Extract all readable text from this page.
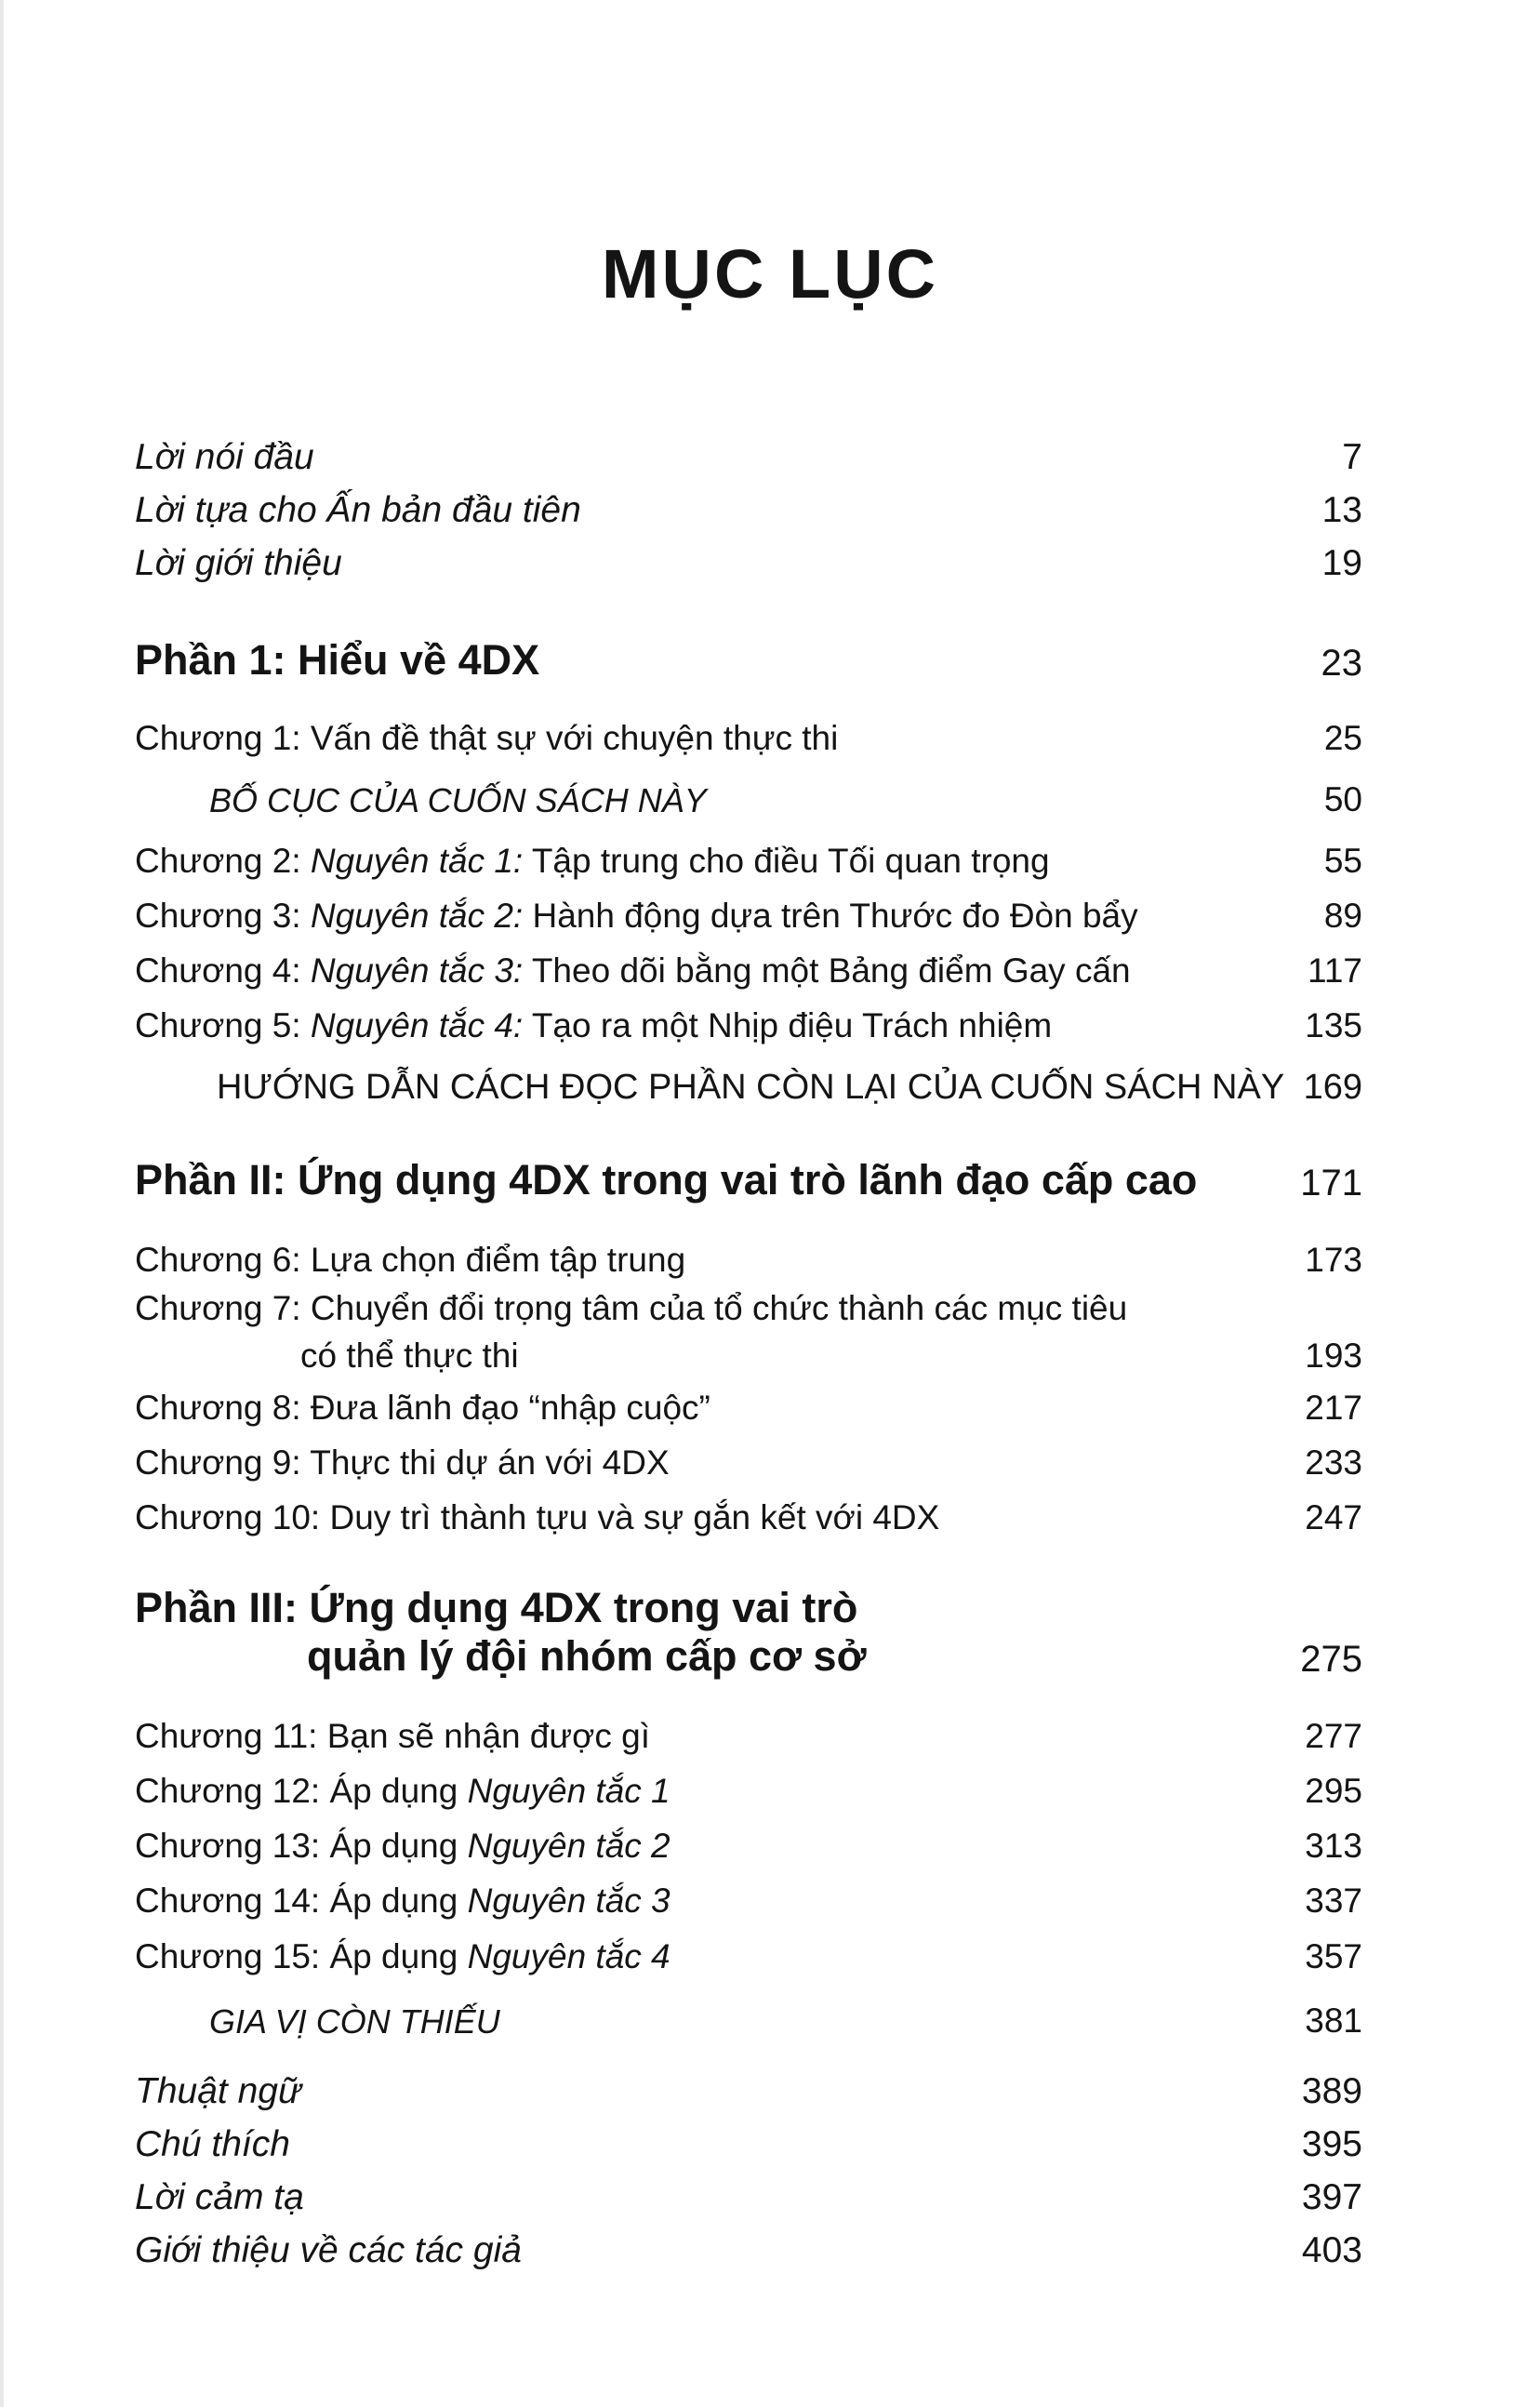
MỤC LỤC
Lời nói đầu	7
Lời tựa cho Ấn bản đầu tiên	13
Lời giới thiệu	19
Phần 1: Hiểu về 4DX	23
Chương 1: Vấn đề thật sự với chuyện thực thi	25
BỐ CỤC CỦA CUỐN SÁCH NÀY	50
Chương 2: Nguyên tắc 1: Tập trung cho điều Tối quan trọng	55
Chương 3: Nguyên tắc 2: Hành động dựa trên Thước đo Đòn bẩy	89
Chương 4: Nguyên tắc 3: Theo dõi bằng một Bảng điểm Gay cấn	117
Chương 5: Nguyên tắc 4: Tạo ra một Nhịp điệu Trách nhiệm	135
HƯỚNG DẪN CÁCH ĐỌC PHẦN CÒN LẠI CỦA CUỐN SÁCH NÀY 169
Phần II: Ứng dụng 4DX trong vai trò lãnh đạo cấp cao	171
Chương 6: Lựa chọn điểm tập trung	173
Chương 7: Chuyển đổi trọng tâm của tổ chức thành các mục tiêu
có thể thực thi	193
Chương 8: Đưa lãnh đạo “nhập cuộc”	217
Chương 9: Thực thi dự án với 4DX	233
Chương 10: Duy trì thành tựu và sự gắn kết với 4DX	247
Phần III: Ứng dụng 4DX trong vai trò
quản lý đội nhóm cấp cơ sở	275
Chương 11: Bạn sẽ nhận được gì	277
Chương 12: Áp dụng Nguyên tắc 1	295
Chương 13: Áp dụng Nguyên tắc 2	313
Chương 14: Áp dụng Nguyên tắc 3	337
Chương 15: Áp dụng Nguyên tắc 4	357
GIA VỊ CÒN THIẾU	381
Thuật ngữ	389
Chú thích	395
Lời cảm tạ	397
Giới thiệu về các tác giả	403
